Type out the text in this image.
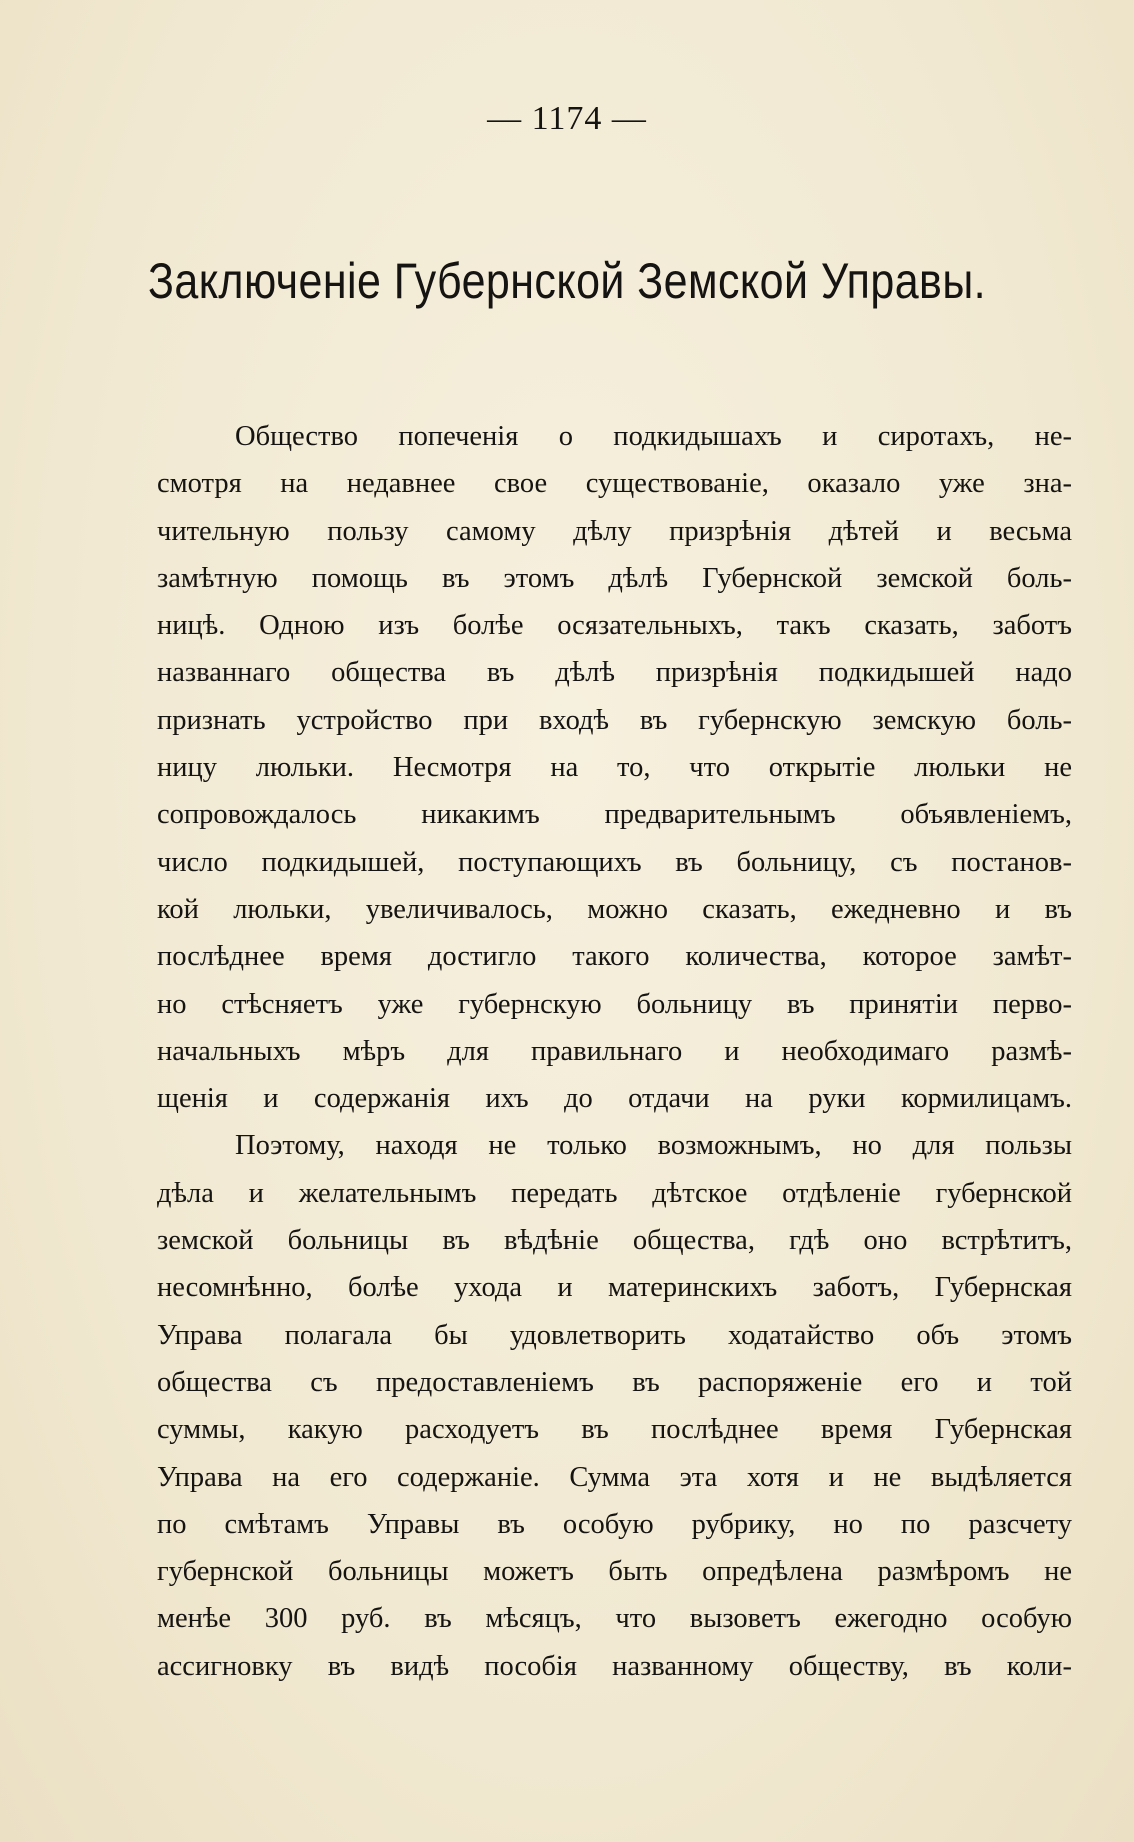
— 1174 —
Заключеніе Губернской Земской Управы.
Общество попеченія о подкидышахъ и сиротахъ, не-
смотря на недавнее свое существованіе, оказало уже зна-
чительную пользу самому дѣлу призрѣнія дѣтей и весьма
замѣтную помощь въ этомъ дѣлѣ Губернской земской боль-
ницѣ. Одною изъ болѣе осязательныхъ, такъ сказать, заботъ
названнаго общества въ дѣлѣ призрѣнія подкидышей надо
признать устройство при входѣ въ губернскую земскую боль-
ницу люльки. Несмотря на то, что открытіе люльки не
сопровождалось никакимъ предварительнымъ объявленіемъ,
число подкидышей, поступающихъ въ больницу, съ постанов-
кой люльки, увеличивалось, можно сказать, ежедневно и въ
послѣднее время достигло такого количества, которое замѣт-
но стѣсняетъ уже губернскую больницу въ принятіи перво-
начальныхъ мѣръ для правильнаго и необходимаго размѣ-
щенія и содержанія ихъ до отдачи на руки кормилицамъ.
Поэтому, находя не только возможнымъ, но для пользы
дѣла и желательнымъ передать дѣтское отдѣленіе губернской
земской больницы въ вѣдѣніе общества, гдѣ оно встрѣтитъ,
несомнѣнно, болѣе ухода и материнскихъ заботъ, Губернская
Управа полагала бы удовлетворить ходатайство объ этомъ
общества съ предоставленіемъ въ распоряженіе его и той
суммы, какую расходуетъ въ послѣднее время Губернская
Управа на его содержаніе. Сумма эта хотя и не выдѣляется
по смѣтамъ Управы въ особую рубрику, но по разсчету
губернской больницы можетъ быть опредѣлена размѣромъ не
менѣе 300 руб. въ мѣсяцъ, что вызоветъ ежегодно особую
ассигновку въ видѣ пособія названному обществу, въ коли-
